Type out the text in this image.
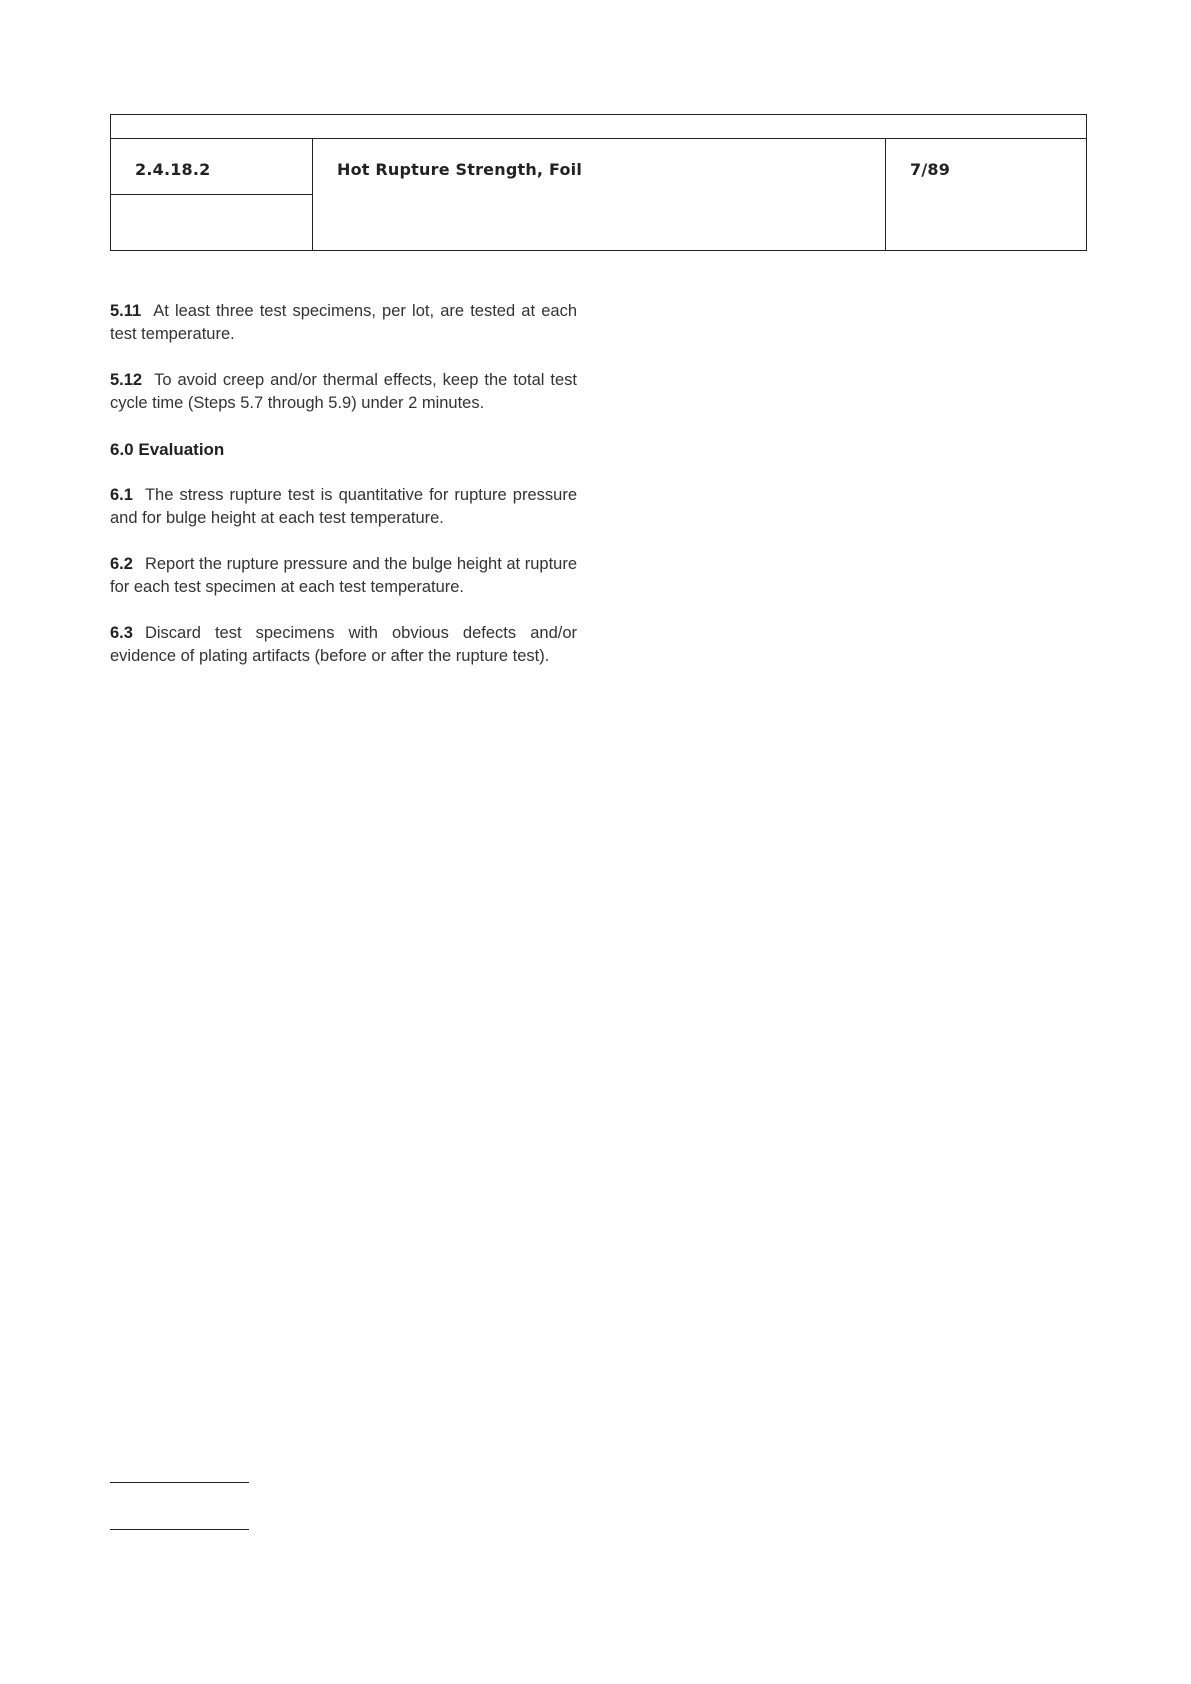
2.4.18.2	Hot Rupture Strength, Foil	7/89

5.11 At least three test specimens, per lot, are tested at each test temperature.

5.12 To avoid creep and/or thermal effects, keep the total test cycle time (Steps 5.7 through 5.9) under 2 minutes.

6.0 Evaluation

6.1 The stress rupture test is quantitative for rupture pressure and for bulge height at each test temperature.

6.2 Report the rupture pressure and the bulge height at rupture for each test specimen at each test temperature.

6.3 Discard test specimens with obvious defects and/or evidence of plating artifacts (before or after the rupture test).
